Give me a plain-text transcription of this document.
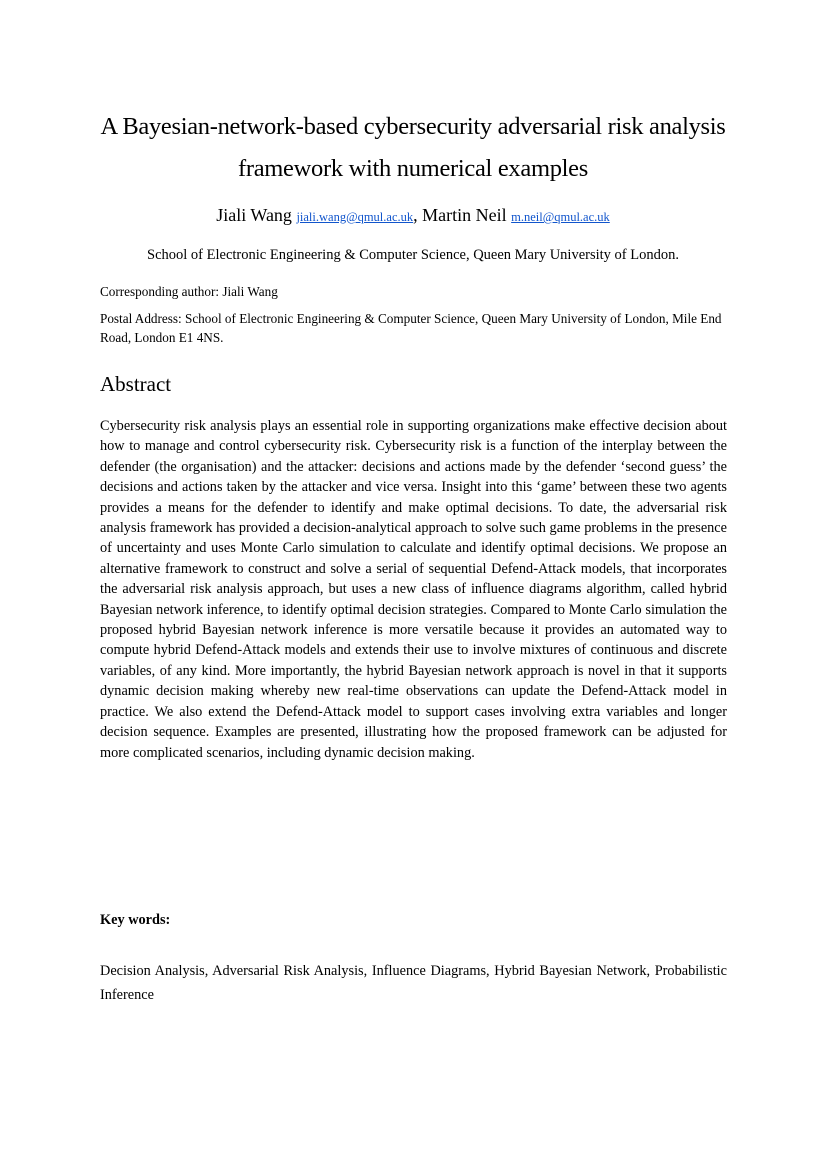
A Bayesian-network-based cybersecurity adversarial risk analysis framework with numerical examples
Jiali Wang jiali.wang@qmul.ac.uk, Martin Neil m.neil@qmul.ac.uk
School of Electronic Engineering & Computer Science, Queen Mary University of London.
Corresponding author: Jiali Wang
Postal Address: School of Electronic Engineering & Computer Science, Queen Mary University of London, Mile End Road, London E1 4NS.
Abstract

Cybersecurity risk analysis plays an essential role in supporting organizations make effective decision about how to manage and control cybersecurity risk. Cybersecurity risk is a function of the interplay between the defender (the organisation) and the attacker: decisions and actions made by the defender ‘second guess’ the decisions and actions taken by the attacker and vice versa. Insight into this ‘game’ between these two agents provides a means for the defender to identify and make optimal decisions. To date, the adversarial risk analysis framework has provided a decision-analytical approach to solve such game problems in the presence of uncertainty and uses Monte Carlo simulation to calculate and identify optimal decisions. We propose an alternative framework to construct and solve a serial of sequential Defend-Attack models, that incorporates the adversarial risk analysis approach, but uses a new class of influence diagrams algorithm, called hybrid Bayesian network inference, to identify optimal decision strategies. Compared to Monte Carlo simulation the proposed hybrid Bayesian network inference is more versatile because it provides an automated way to compute hybrid Defend-Attack models and extends their use to involve mixtures of continuous and discrete variables, of any kind. More importantly, the hybrid Bayesian network approach is novel in that it supports dynamic decision making whereby new real-time observations can update the Defend-Attack model in practice. We also extend the Defend-Attack model to support cases involving extra variables and longer decision sequence. Examples are presented, illustrating how the proposed framework can be adjusted for more complicated scenarios, including dynamic decision making.

Key words:

Decision Analysis, Adversarial Risk Analysis, Influence Diagrams, Hybrid Bayesian Network, Probabilistic Inference
